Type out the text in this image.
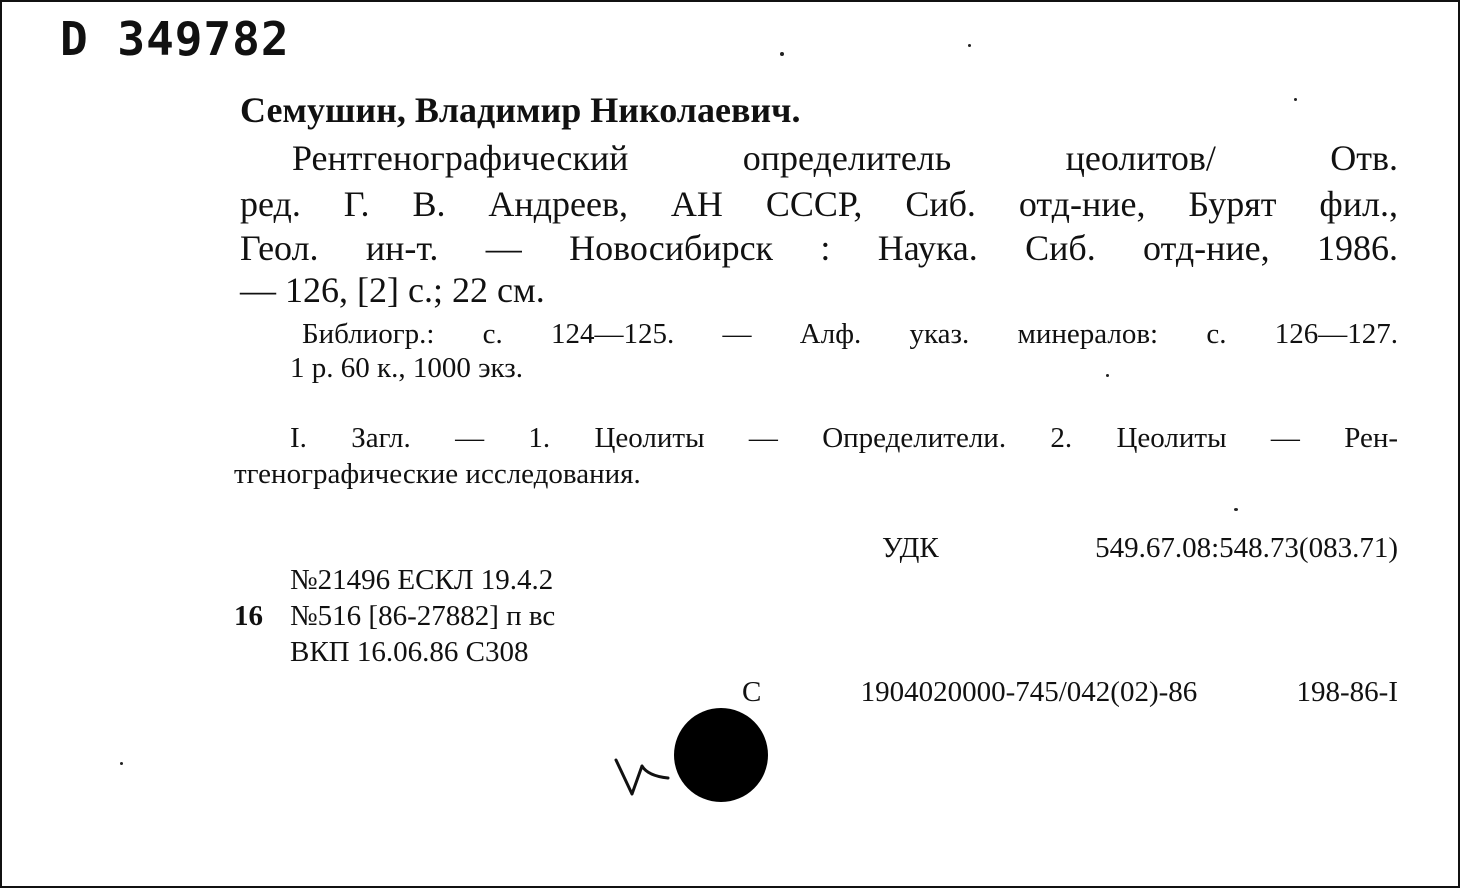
D 349782
Семушин, Владимир Николаевич.
Рентгенографический определитель цеолитов/ Отв.
ред. Г. В. Андреев, АН СССР, Сиб. отд-ние, Бурят фил.,
Геол. ин-т. — Новосибирск : Наука. Сиб. отд-ние, 1986.
— 126, [2] с.; 22 см.
Библиогр.: с. 124—125. — Алф. указ. минералов: с. 126—127.
1 р. 60 к., 1000 экз.
I. Загл. — 1. Цеолиты — Определители. 2. Цеолиты — Рен-
тгенографические исследования.
УДК 549.67.08:548.73(083.71)
№21496 ЕСКЛ 19.4.2
16 №516 [86-27882] п вс
ВКП 16.06.86 С308
С 1904020000-745/042(02)-86 198-86-I
